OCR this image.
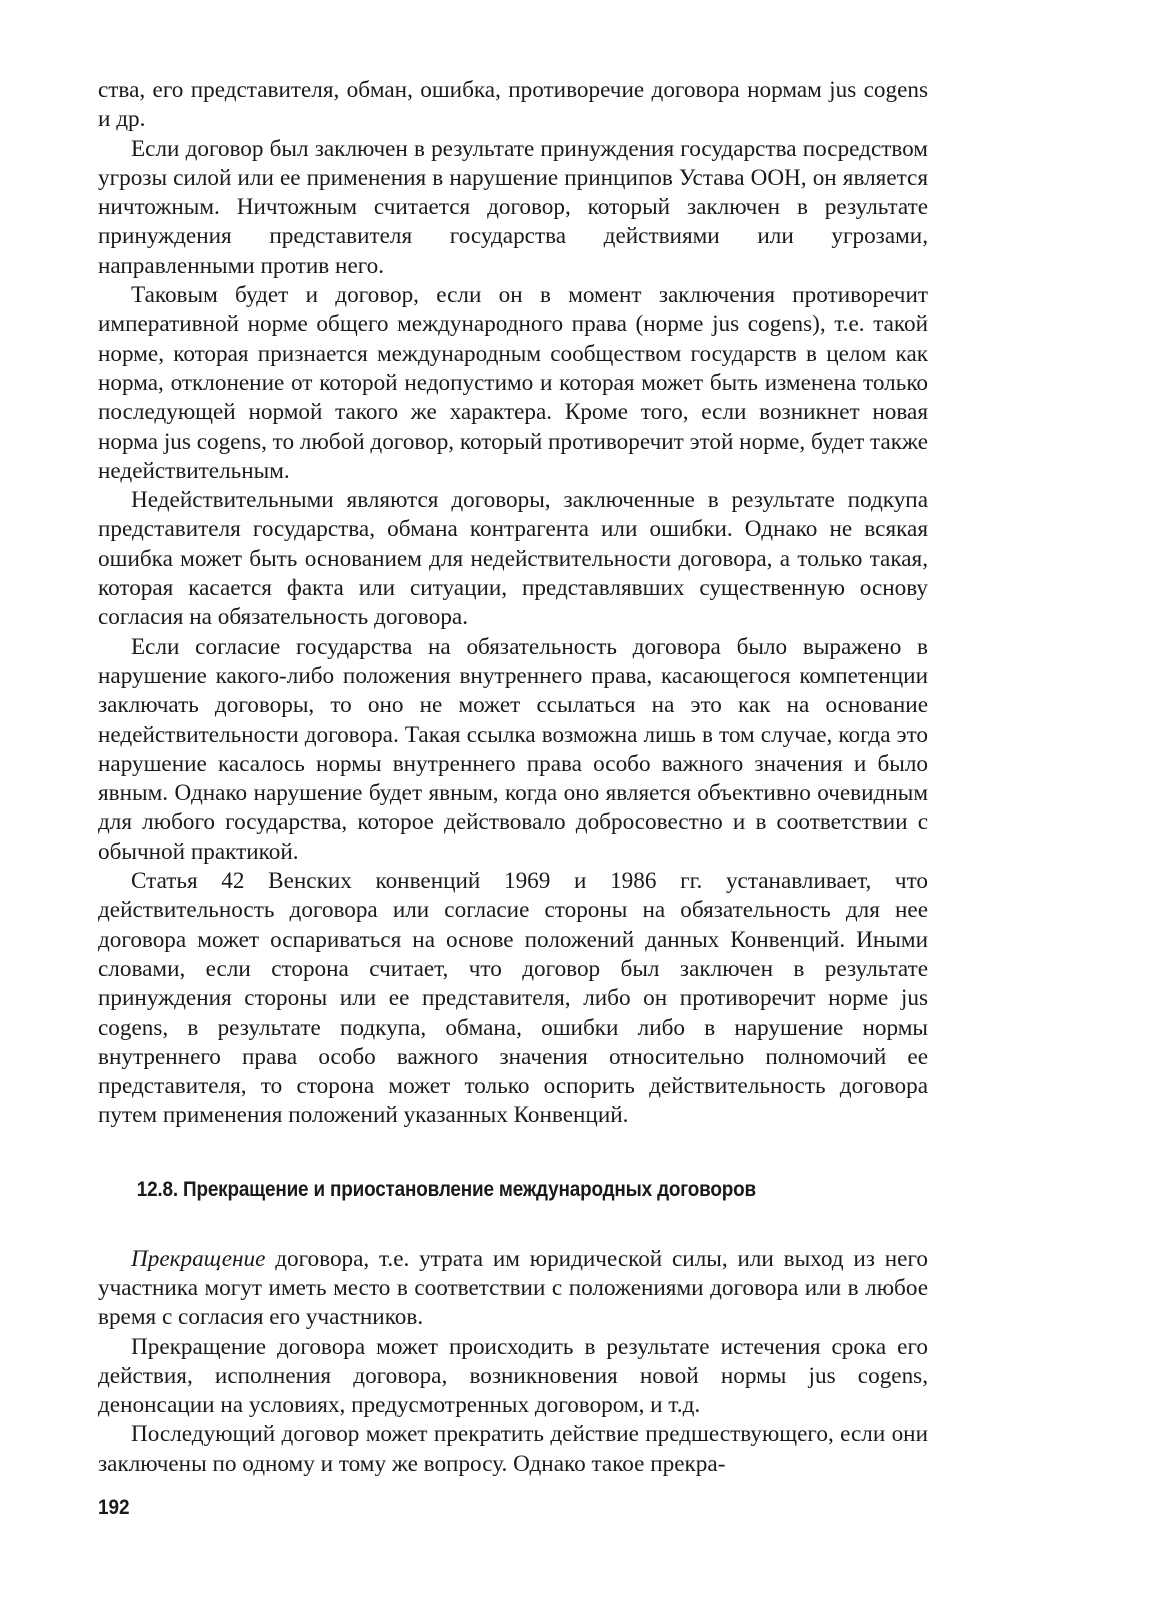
ства, его представителя, обман, ошибка, противоречие договора нормам jus cogens и др.

Если договор был заключен в результате принуждения государства посредством угрозы силой или ее применения в нарушение принципов Устава ООН, он является ничтожным. Ничтожным считается договор, который заключен в результате принуждения представителя государства действиями или угрозами, направленными против него.

Таковым будет и договор, если он в момент заключения противоречит императивной норме общего международного права (норме jus cogens), т.е. такой норме, которая признается международным сообществом государств в целом как норма, отклонение от которой недопустимо и которая может быть изменена только последующей нормой такого же характера. Кроме того, если возникнет новая норма jus cogens, то любой договор, который противоречит этой норме, будет также недействительным.

Недействительными являются договоры, заключенные в результате подкупа представителя государства, обмана контрагента или ошибки. Однако не всякая ошибка может быть основанием для недействительности договора, а только такая, которая касается факта или ситуации, представлявших существенную основу согласия на обязательность договора.

Если согласие государства на обязательность договора было выражено в нарушение какого-либо положения внутреннего права, касающегося компетенции заключать договоры, то оно не может ссылаться на это как на основание недействительности договора. Такая ссылка возможна лишь в том случае, когда это нарушение касалось нормы внутреннего права особо важного значения и было явным. Однако нарушение будет явным, когда оно является объективно очевидным для любого государства, которое действовало добросовестно и в соответствии с обычной практикой.

Статья 42 Венских конвенций 1969 и 1986 гг. устанавливает, что действительность договора или согласие стороны на обязательность для нее договора может оспариваться на основе положений данных Конвенций. Иными словами, если сторона считает, что договор был заключен в результате принуждения стороны или ее представителя, либо он противоречит норме jus cogens, в результате подкупа, обмана, ошибки либо в нарушение нормы внутреннего права особо важного значения относительно полномочий ее представителя, то сторона может только оспорить действительность договора путем применения положений указанных Конвенций.

12.8. Прекращение и приостановление международных договоров

Прекращение договора, т.е. утрата им юридической силы, или выход из него участника могут иметь место в соответствии с положениями договора или в любое время с согласия его участников.

Прекращение договора может происходить в результате истечения срока его действия, исполнения договора, возникновения новой нормы jus cogens, денонсации на условиях, предусмотренных договором, и т.д.

Последующий договор может прекратить действие предшествующего, если они заключены по одному и тому же вопросу. Однако такое прекра-

192
